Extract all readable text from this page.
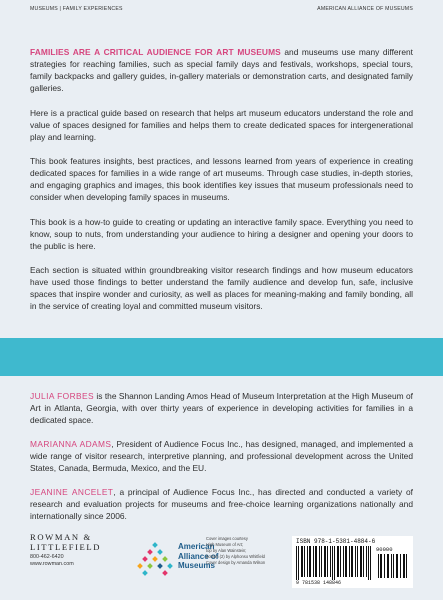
MUSEUMS | FAMILY EXPERIENCES	AMERICAN ALLIANCE OF MUSEUMS

FAMILIES ARE A CRITICAL AUDIENCE FOR ART MUSEUMS and museums use many different strategies for reaching families, such as special family days and festivals, workshops, special tours, family backpacks and gallery guides, in-gallery materials or demonstration carts, and designated family galleries.

Here is a practical guide based on research that helps art museum educators understand the role and value of spaces designed for families and helps them to create dedicated spaces for intergenerational play and learning.

This book features insights, best practices, and lessons learned from years of experience in creating dedicated spaces for families in a wide range of art museums. Through case studies, in-depth stories, and engaging graphics and images, this book identifies key issues that museum professionals need to consider when developing family spaces in museums.

This book is a how-to guide to creating or updating an interactive family space. Everything you need to know, soup to nuts, from understanding your audience to hiring a designer and opening your doors to the public is here.

Each section is situated within groundbreaking visitor research findings and how museum educators have used those findings to better understand the family audience and develop fun, safe, inclusive spaces that inspire wonder and curiosity, as well as places for meaning-making and family bonding, all in the service of creating loyal and committed museum visitors.

JULIA FORBES is the Shannon Landing Amos Head of Museum Interpretation at the High Museum of Art in Atlanta, Georgia, with over thirty years of experience in developing activities for families in a dedicated space.

MARIANNA ADAMS, President of Audience Focus Inc., has designed, managed, and implemented a wide range of visitor research, interpretive planning, and professional development across the United States, Canada, Bermuda, Mexico, and the EU.

JEANINE ANCELET, a principal of Audience Focus Inc., has directed and conducted a variety of research and evaluation projects for museums and free-choice learning organizations nationally and internationally since 2006.

ROWMAN &
LITTLEFIELD
800-462-6420
www.rowman.com
American
Alliance of
Museums
Cover images courtesy
High Museum of Art;
top by Alan Wainstein;
bottom (2) by Alphonso Whitfield
Cover design by Amanda Wilson
ISBN 978-1-5381-4884-6
90000
9 781538 148846
